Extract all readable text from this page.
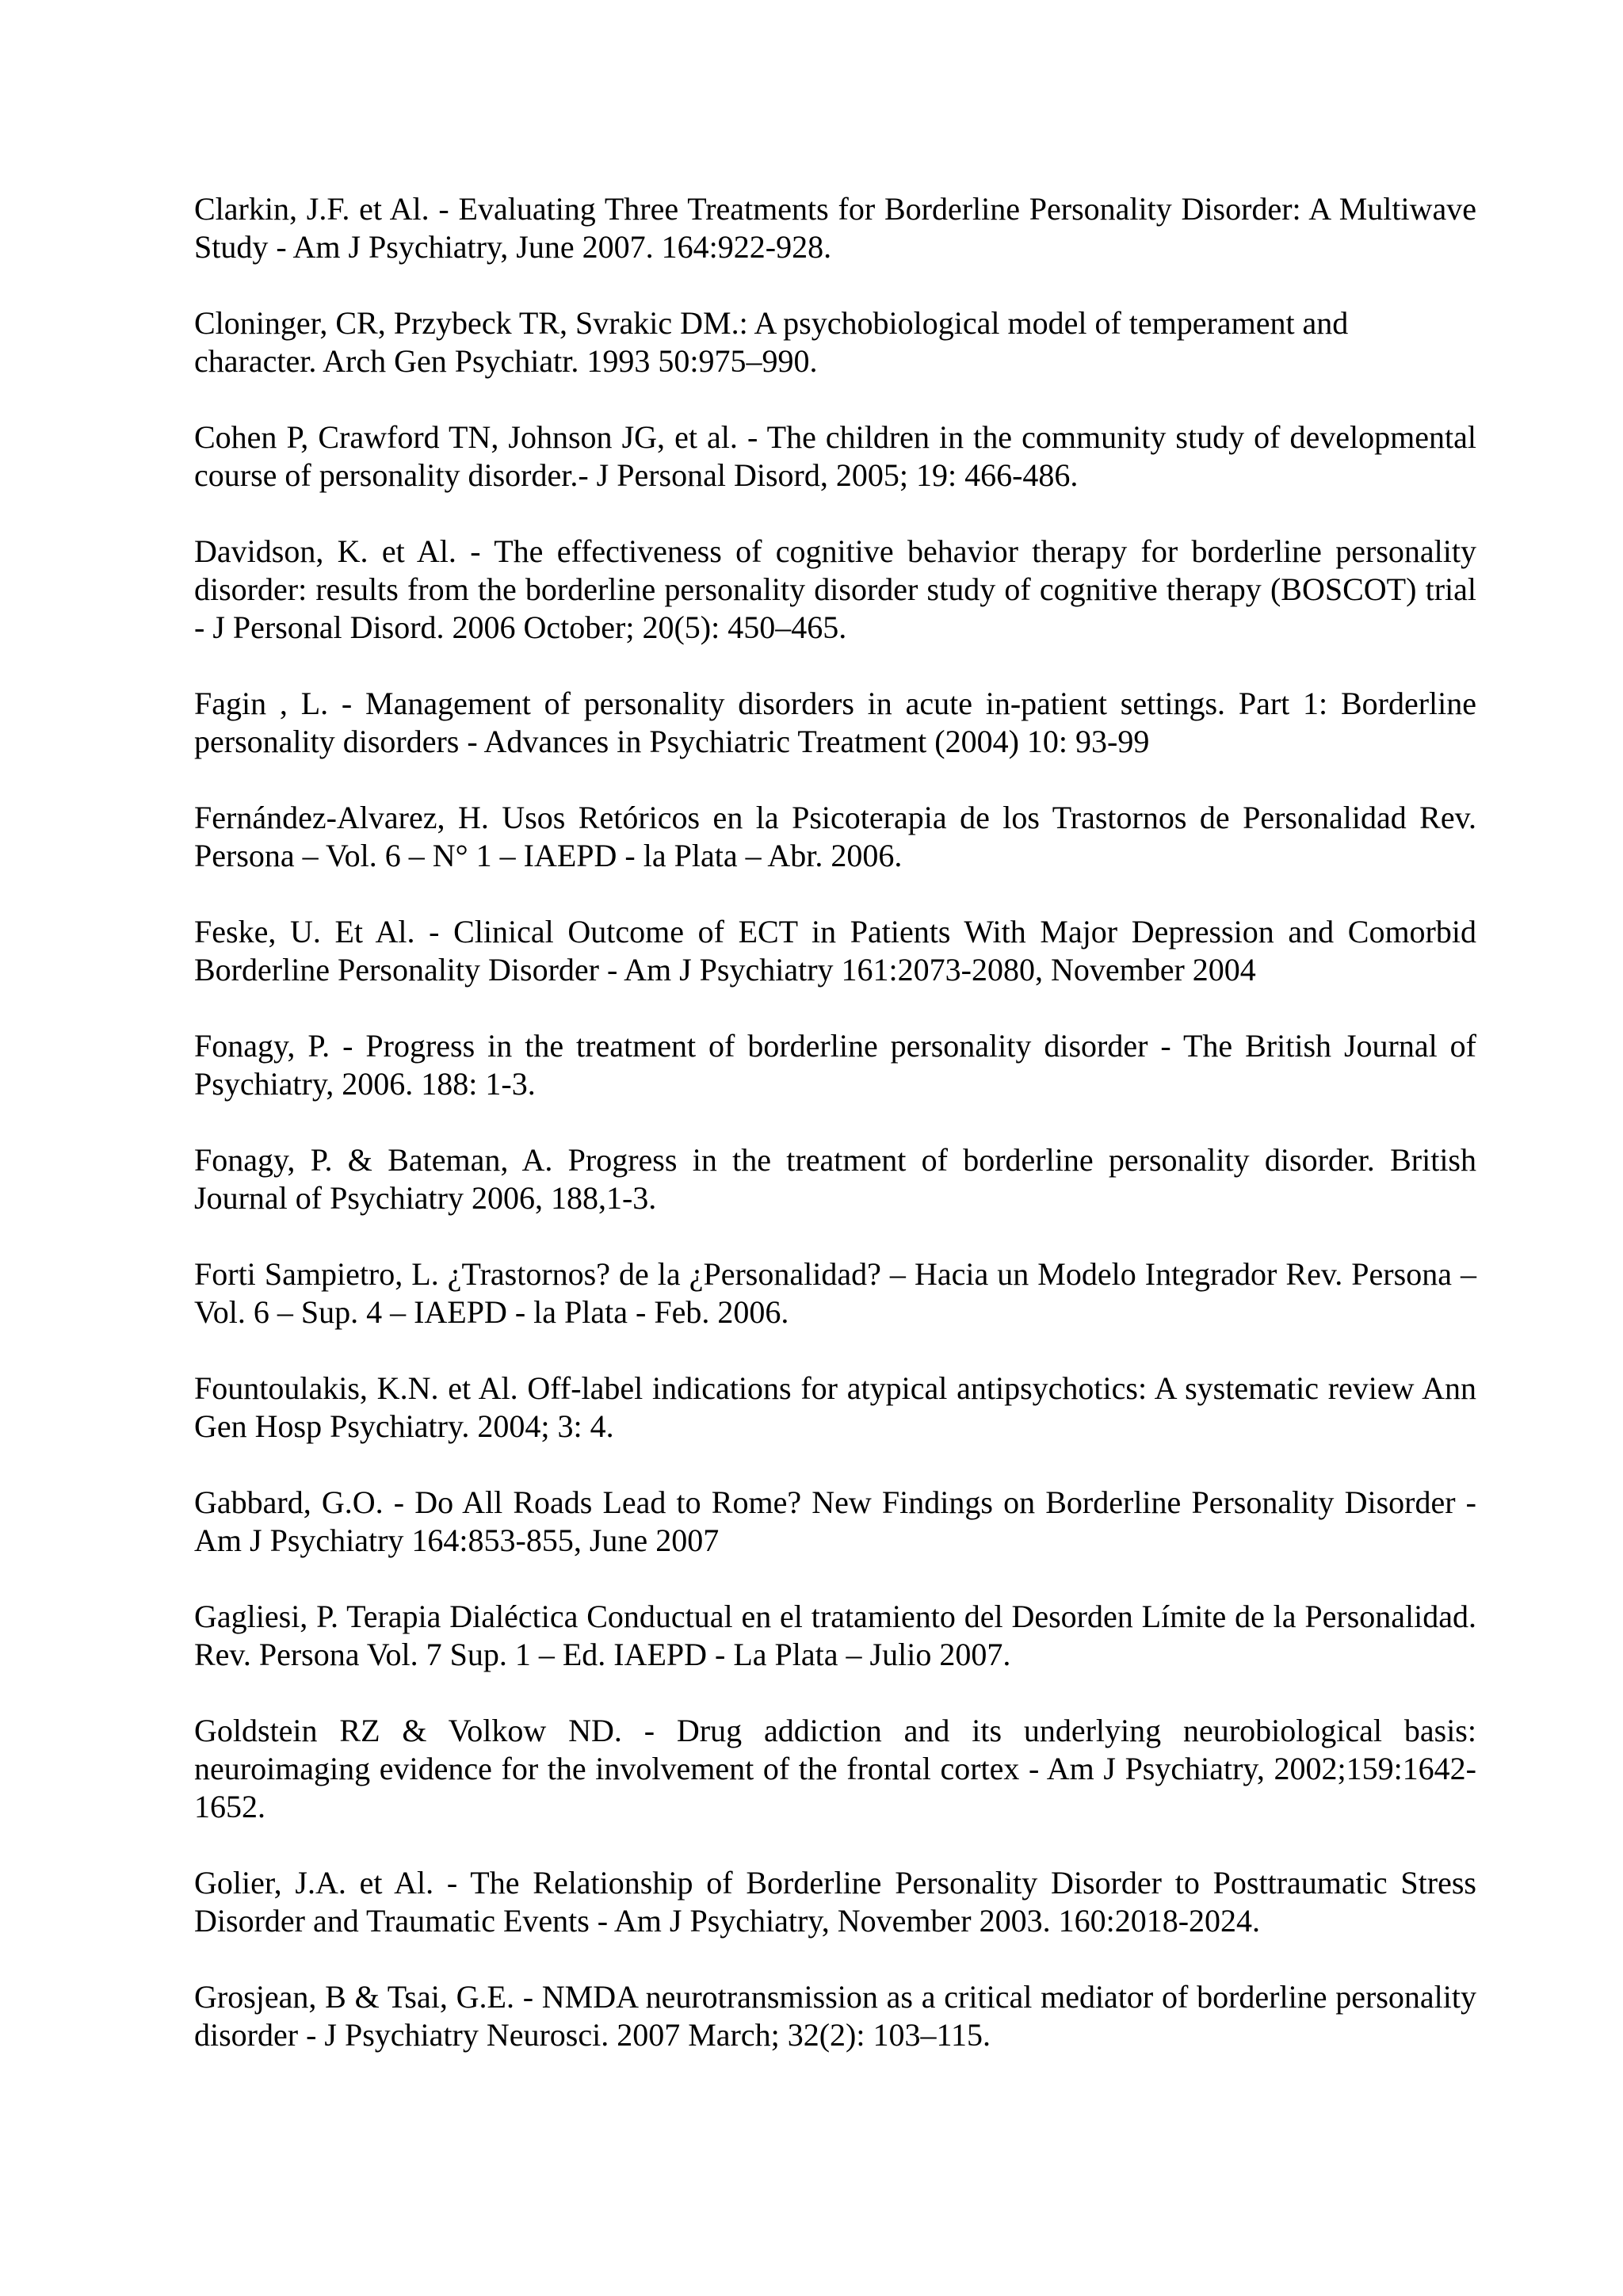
Clarkin, J.F. et Al. - Evaluating Three Treatments for Borderline Personality Disorder: A Multiwave Study - Am J Psychiatry, June 2007. 164:922-928.
Cloninger, CR, Przybeck TR, Svrakic DM.: A psychobiological model of temperament and character. Arch Gen Psychiatr. 1993 50:975–990.
Cohen P, Crawford TN, Johnson JG, et al. - The children in the community study of developmental course of personality disorder.- J Personal Disord, 2005; 19: 466-486.
Davidson, K. et Al. - The effectiveness of cognitive behavior therapy for borderline personality disorder: results from the borderline personality disorder study of cognitive therapy (BOSCOT) trial - J Personal Disord. 2006 October; 20(5): 450–465.
Fagin , L. - Management of personality disorders in acute in-patient settings. Part 1: Borderline personality disorders - Advances in Psychiatric Treatment (2004) 10: 93-99
Fernández-Alvarez, H. Usos Retóricos en la Psicoterapia de los Trastornos de Personalidad Rev. Persona – Vol. 6 – N° 1 – IAEPD - la Plata – Abr. 2006.
Feske, U. Et Al. - Clinical Outcome of ECT in Patients With Major Depression and Comorbid Borderline Personality Disorder - Am J Psychiatry 161:2073-2080, November 2004
Fonagy, P. - Progress in the treatment of borderline personality disorder - The British Journal of Psychiatry, 2006. 188: 1-3.
Fonagy, P. & Bateman, A. Progress in the treatment of borderline personality disorder. British Journal of Psychiatry 2006, 188,1-3.
Forti Sampietro, L. ¿Trastornos? de la ¿Personalidad? – Hacia un Modelo Integrador Rev. Persona – Vol. 6 – Sup. 4 – IAEPD - la Plata - Feb. 2006.
Fountoulakis, K.N. et Al. Off-label indications for atypical antipsychotics: A systematic review Ann Gen Hosp Psychiatry. 2004; 3: 4.
Gabbard, G.O. - Do All Roads Lead to Rome? New Findings on Borderline Personality Disorder - Am J Psychiatry 164:853-855, June 2007
Gagliesi, P. Terapia Dialéctica Conductual en el tratamiento del Desorden Límite de la Personalidad. Rev. Persona Vol. 7 Sup. 1 – Ed. IAEPD - La Plata – Julio 2007.
Goldstein RZ & Volkow ND. - Drug addiction and its underlying neurobiological basis: neuroimaging evidence for the involvement of the frontal cortex - Am J Psychiatry, 2002;159:1642-1652.
Golier, J.A. et Al. - The Relationship of Borderline Personality Disorder to Posttraumatic Stress Disorder and Traumatic Events - Am J Psychiatry, November 2003. 160:2018-2024.
Grosjean, B & Tsai, G.E. - NMDA neurotransmission as a critical mediator of borderline personality disorder - J Psychiatry Neurosci. 2007 March; 32(2): 103–115.
